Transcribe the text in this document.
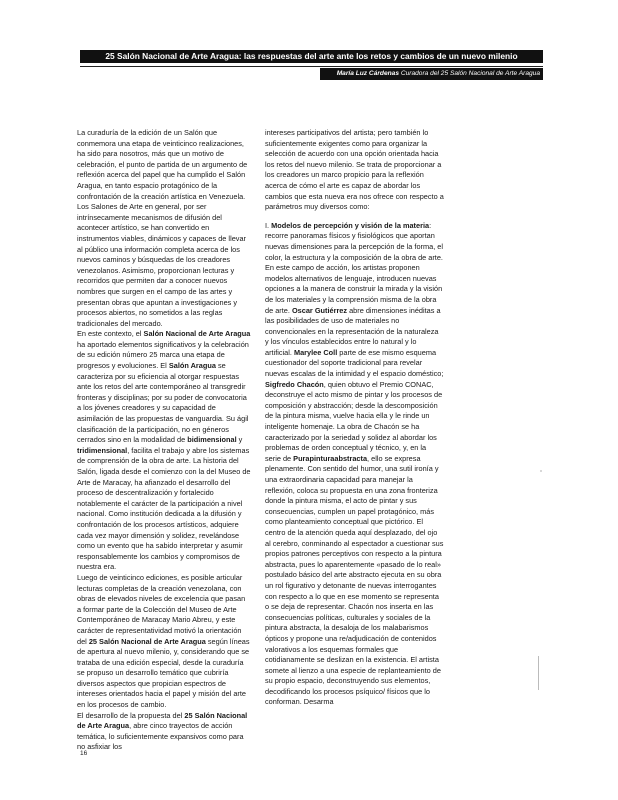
25 Salón Nacional de Arte Aragua: las respuestas del arte ante los retos y cambios de un nuevo milenio
María Luz Cárdenas Curadora del 25 Salón Nacional de Arte Aragua

La curaduría de la edición de un Salón que conmemora una etapa de veinticinco realizaciones, ha sido para nosotros, más que un motivo de celebración, el punto de partida de un argumento de reflexión acerca del papel que ha cumplido el Salón Aragua, en tanto espacio protagónico de la confrontación de la creación artística en Venezuela. Los Salones de Arte en general, por ser intrínsecamente mecanismos de difusión del acontecer artístico, se han convertido en instrumentos viables, dinámicos y capaces de llevar al público una información completa acerca de los nuevos caminos y búsquedas de los creadores venezolanos. Asimismo, proporcionan lecturas y recorridos que permiten dar a conocer nuevos nombres que surgen en el campo de las artes y presentan obras que apuntan a investigaciones y procesos abiertos, no sometidos a las reglas tradicionales del mercado.

En este contexto, el Salón Nacional de Arte Aragua ha aportado elementos significativos y la celebración de su edición número 25 marca una etapa de progresos y evoluciones. El Salón Aragua se caracteriza por su eficiencia al otorgar respuestas ante los retos del arte contemporáneo al transgredir fronteras y disciplinas; por su poder de convocatoria a los jóvenes creadores y su capacidad de asimilación de las propuestas de vanguardia. Su ágil clasificación de la participación, no en géneros cerrados sino en la modalidad de bidimensional y tridimensional, facilita el trabajo y abre los sistemas de comprensión de la obra de arte. La historia del Salón, ligada desde el comienzo con la del Museo de Arte de Maracay, ha afianzado el desarrollo del proceso de descentralización y fortalecido notablemente el carácter de la participación a nivel nacional. Como institución dedicada a la difusión y confrontación de los procesos artísticos, adquiere cada vez mayor dimensión y solidez, revelándose como un evento que ha sabido interpretar y asumir responsablemente los cambios y compromisos de nuestra era.

Luego de veinticinco ediciones, es posible articular lecturas completas de la creación venezolana, con obras de elevados niveles de excelencia que pasan a formar parte de la Colección del Museo de Arte Contemporáneo de Maracay Mario Abreu, y este carácter de representatividad motivó la orientación del 25 Salón Nacional de Arte Aragua según líneas de apertura al nuevo milenio, y, considerando que se trataba de una edición especial, desde la curaduría se propuso un desarrollo temático que cubriría diversos aspectos que propician espectros de intereses orientados hacia el papel y misión del arte en los procesos de cambio.

El desarrollo de la propuesta del 25 Salón Nacional de Arte Aragua, abre cinco trayectos de acción temática, lo suficientemente expansivos como para no asfixiar los

intereses participativos del artista; pero también lo suficientemente exigentes como para organizar la selección de acuerdo con una opción orientada hacia los retos del nuevo milenio. Se trata de proporcionar a los creadores un marco propicio para la reflexión acerca de cómo el arte es capaz de abordar los cambios que esta nueva era nos ofrece con respecto a parámetros muy diversos como:

I. Modelos de percepción y visión de la materia: recorre panoramas físicos y fisiológicos que aportan nuevas dimensiones para la percepción de la forma, el color, la estructura y la composición de la obra de arte. En este campo de acción, los artistas proponen modelos alternativos de lenguaje, introducen nuevas opciones a la manera de construir la mirada y la visión de los materiales y la comprensión misma de la obra de arte. Oscar Gutiérrez abre dimensiones inéditas a las posibilidades de uso de materiales no convencionales en la representación de la naturaleza y los vínculos establecidos entre lo natural y lo artificial. Marylee Coll parte de ese mismo esquema cuestionador del soporte tradicional para revelar nuevas escalas de la intimidad y el espacio doméstico; Sigfredo Chacón, quien obtuvo el Premio CONAC, deconstruye el acto mismo de pintar y los procesos de composición y abstracción; desde la descomposición de la pintura misma, vuelve hacia ella y le rinde un inteligente homenaje. La obra de Chacón se ha caracterizado por la seriedad y solidez al abordar los problemas de orden conceptual y técnico, y, en la serie de Purapinturaabstracta, ello se expresa plenamente. Con sentido del humor, una sutil ironía y una extraordinaria capacidad para manejar la reflexión, coloca su propuesta en una zona fronteriza donde la pintura misma, el acto de pintar y sus consecuencias, cumplen un papel protagónico, más como planteamiento conceptual que pictórico. El centro de la atención queda aquí desplazado, del ojo al cerebro, conminando al espectador a cuestionar sus propios patrones perceptivos con respecto a la pintura abstracta, pues lo aparentemente «pasado de lo real» postulado básico del arte abstracto ejecuta en su obra un rol figurativo y detonante de nuevas interrogantes con respecto a lo que en ese momento se representa o se deja de representar. Chacón nos inserta en las consecuencias políticas, culturales y sociales de la pintura abstracta, la desaloja de los malabarismos ópticos y propone una re/adjudicación de contenidos valorativos a los esquemas formales que cotidianamente se deslizan en la existencia. El artista somete al lienzo a una especie de replanteamiento de su propio espacio, deconstruyendo sus elementos, decodificando los procesos psíquico/ físicos que lo conforman. Desarma

16
